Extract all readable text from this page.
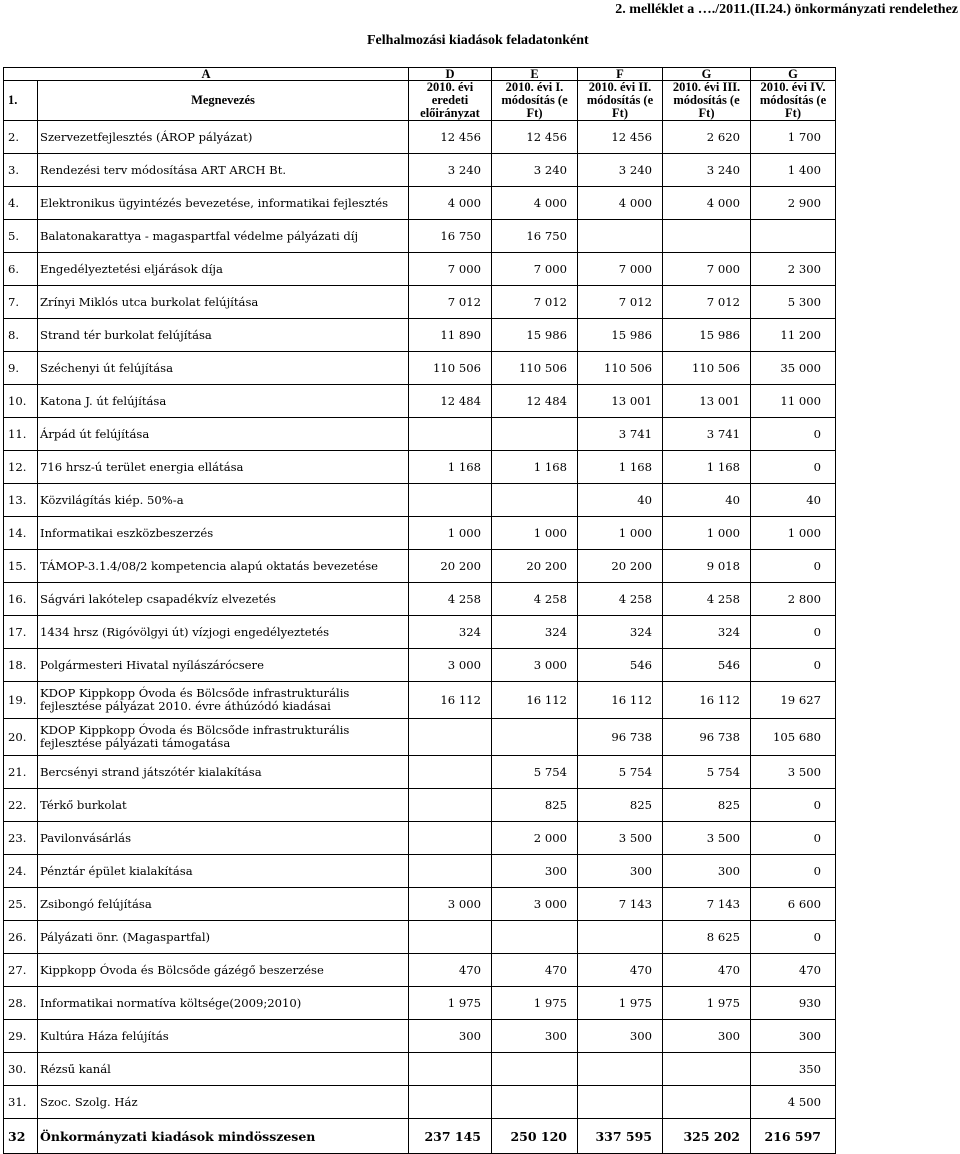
2. melléklet a …./2011.(II.24.) önkormányzati rendelethez
Felhalmozási kiadások feladatonként
A		D	E	F	G	G
1.	Megnevezés	2010. évi eredeti előirányzat	2010. évi I. módosítás (e Ft)	2010. évi II. módosítás (e Ft)	2010. évi III. módosítás (e Ft)	2010. évi IV. módosítás (e Ft)
2.	Szervezetfejlesztés (ÁROP pályázat)	12 456	12 456	12 456	2 620	1 700
3.	Rendezési terv módosítása ART ARCH Bt.	3 240	3 240	3 240	3 240	1 400
4.	Elektronikus ügyintézés bevezetése, informatikai fejlesztés	4 000	4 000	4 000	4 000	2 900
5.	Balatonakarattya - magaspartfal védelme pályázati díj	16 750	16 750			
6.	Engedélyeztetési eljárások díja	7 000	7 000	7 000	7 000	2 300
7.	Zrínyi Miklós utca burkolat felújítása	7 012	7 012	7 012	7 012	5 300
8.	Strand tér burkolat felújítása	11 890	15 986	15 986	15 986	11 200
9.	Széchenyi út felújítása	110 506	110 506	110 506	110 506	35 000
10.	Katona J. út felújítása	12 484	12 484	13 001	13 001	11 000
11.	Árpád út felújítása			3 741	3 741	0
12.	716 hrsz-ú terület energia ellátása	1 168	1 168	1 168	1 168	0
13.	Közvilágítás kiép. 50%-a			40	40	40
14.	Informatikai eszközbeszerzés	1 000	1 000	1 000	1 000	1 000
15.	TÁMOP-3.1.4/08/2 kompetencia alapú oktatás bevezetése	20 200	20 200	20 200	9 018	0
16.	Ságvári lakótelep csapadékvíz elvezetés	4 258	4 258	4 258	4 258	2 800
17.	1434 hrsz (Rigóvölgyi út) vízjogi engedélyeztetés	324	324	324	324	0
18.	Polgármesteri Hivatal nyílászárócsere	3 000	3 000	546	546	0
19.	KDOP Kippkopp Óvoda és Bölcsőde infrastrukturális fejlesztése pályázat 2010. évre áthúzódó kiadásai	16 112	16 112	16 112	16 112	19 627
20.	KDOP Kippkopp Óvoda és Bölcsőde infrastrukturális fejlesztése pályázati támogatása			96 738	96 738	105 680
21.	Bercsényi strand játszótér kialakítása		5 754	5 754	5 754	3 500
22.	Térkő burkolat		825	825	825	0
23.	Pavilonvásárlás		2 000	3 500	3 500	0
24.	Pénztár épület kialakítása		300	300	300	0
25.	Zsibongó felújítása	3 000	3 000	7 143	7 143	6 600
26.	Pályázati önr. (Magaspartfal)				8 625	0
27.	Kippkopp Óvoda és Bölcsőde gázégő beszerzése	470	470	470	470	470
28.	Informatikai normatíva költsége(2009;2010)	1 975	1 975	1 975	1 975	930
29.	Kultúra Háza felújítás	300	300	300	300	300
30.	Rézsű kanál					350
31.	Szoc. Szolg. Ház					4 500
32	Önkormányzati kiadások mindösszesen	237 145	250 120	337 595	325 202	216 597
